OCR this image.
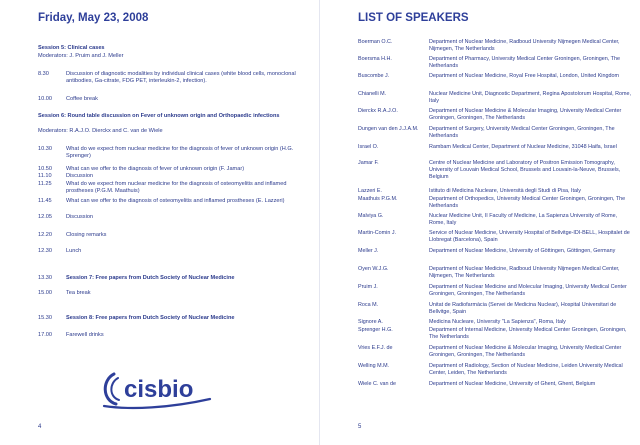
Friday, May 23, 2008
Session 5: Clinical cases
Moderators: J. Pruim and J. Meller
8.30	Discussion of diagnostic modalities by individual clinical cases (white blood cells, monoclonal antibodies, Ga-citrate, FDG PET, interleukin-2, infection).
10.00	Coffee break
Session 6: Round table discussion on Fever of unknown origin and Orthopaedic infections
Moderators: R.A.J.O. Dierckx and C. van de Wiele
10.30	What do we expect from nuclear medicine for the diagnosis of fever of unknown origin (H.G. Sprenger)
10.50	What can we offer to the diagnosis of fever of unknown origin (F. Jamar)
11.10	Discussion
11.25	What do we expect from nuclear medicine for the diagnosis of osteomyelitis and inflamed prostheses (P.G.M. Maathuis)
11.45	What can we offer to the diagnosis of osteomyelitis and inflamed prostheses (E. Lazzeri)
12.05	Discussion
12.20	Closing remarks
12.30	Lunch
13.30	Session 7: Free papers from Dutch Society of Nuclear Medicine
15.00	Tea break
15.30	Session 8: Free papers from Dutch Society of Nuclear Medicine
17.00	Farewell drinks
cisbio
4
LIST OF SPEAKERS
Boerman O.C.	Department of Nuclear Medicine, Radboud University Nijmegen Medical Center, Nijmegen, The Netherlands
Boersma H.H.	Department of Pharmacy, University Medical Center Groningen, Groningen, The Netherlands
Buscombe J.	Department of Nuclear Medicine, Royal Free Hospital, London, United Kingdom
Chianelli M.	Nuclear Medicine Unit, Diagnostic Department, Regina Apostolorum Hospital, Rome, Italy
Dierckx R.A.J.O.	Department of Nuclear Medicine & Molecular Imaging, University Medical Center Groningen, Groningen, The Netherlands
Dungen van den J.J.A.M.	Department of Surgery, University Medical Center Groningen, Groningen, The Netherlands
Israel O.	Rambam Medical Center, Department of Nuclear Medicine, 31048 Haifa, Israel
Jamar F.	Centre of Nuclear Medicine and Laboratory of Positron Emission Tomography, University of Louvain Medical School, Brussels and Louvain-la-Neuve, Brussels, Belgium
Lazzeri E.	Istituto di Medicina Nucleare, Università degli Studi di Pisa, Italy
Maathuis P.G.M.	Department of Orthopedics, University Medical Center Groningen, Groningen, The Netherlands
Malviya G.	Nuclear Medicine Unit, II Faculty of Medicine, La Sapienza University of Rome, Rome, Italy
Martin-Comin J.	Service of Nuclear Medicine, University Hospital of Bellvitge-IDI-BELL, Hospitalet de Llobregat (Barcelona), Spain
Meller J.	Department of Nuclear Medicine, University of Göttingen, Göttingen, Germany
Oyen W.J.G.	Department of Nuclear Medicine, Radboud University Nijmegen Medical Center, Nijmegen, The Netherlands
Pruim J.	Department of Nuclear Medicine and Molecular Imaging, University Medical Center Groningen, Groningen, The Netherlands
Roca M.	Unitat de Radiofarmàcia (Servei de Medicina Nuclear), Hospital Universitari de Bellvitge, Spain
Signore A.	Medicina Nucleare, University "La Sapienza", Roma, Italy
Sprenger H.G.	Department of Internal Medicine, University Medical Center Groningen, Groningen, The Netherlands
Vries E.F.J. de	Department of Nuclear Medicine & Molecular Imaging, University Medical Center Groningen, Groningen, The Netherlands
Welling M.M.	Department of Radiology, Section of Nuclear Medicine, Leiden University Medical Center, Leiden, The Netherlands
Wiele C. van de	Department of Nuclear Medicine, University of Ghent, Ghent, Belgium
5
